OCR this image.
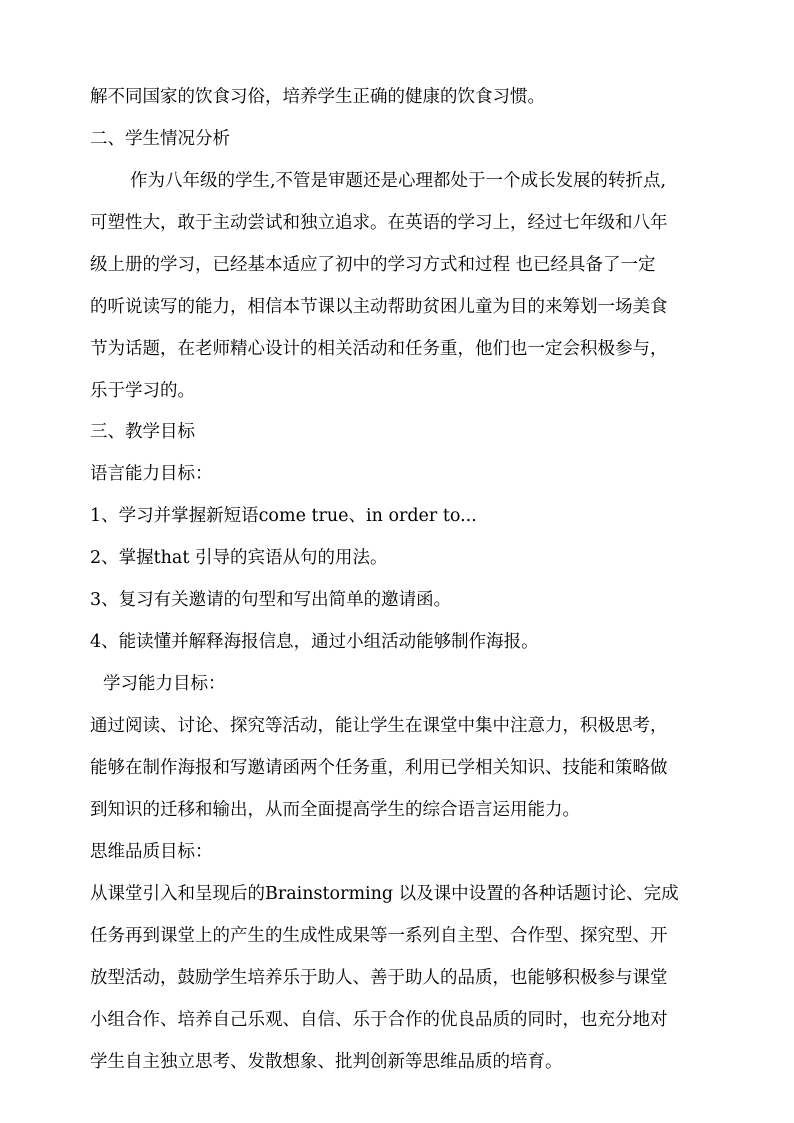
解不同国家的饮食习俗，培养学生正确的健康的饮食习惯。
二、学生情况分析
作为八年级的学生,不管是审题还是心理都处于一个成长发展的转折点,
可塑性大，敢于主动尝试和独立追求。在英语的学习上，经过七年级和八年
级上册的学习，已经基本适应了初中的学习方式和过程 也已经具备了一定
的听说读写的能力，相信本节课以主动帮助贫困儿童为目的来筹划一场美食
节为话题，在老师精心设计的相关活动和任务重，他们也一定会积极参与，
乐于学习的。
三、教学目标
语言能力目标：
1、学习并掌握新短语come true、in order to...
2、掌握that 引导的宾语从句的用法。
3、复习有关邀请的句型和写出简单的邀请函。
4、能读懂并解释海报信息，通过小组活动能够制作海报。
学习能力目标：
通过阅读、讨论、探究等活动，能让学生在课堂中集中注意力，积极思考，
能够在制作海报和写邀请函两个任务重，利用已学相关知识、技能和策略做
到知识的迁移和输出，从而全面提高学生的综合语言运用能力。
思维品质目标：
从课堂引入和呈现后的Brainstorming 以及课中设置的各种话题讨论、完成
任务再到课堂上的产生的生成性成果等一系列自主型、合作型、探究型、开
放型活动，鼓励学生培养乐于助人、善于助人的品质，也能够积极参与课堂
小组合作、培养自己乐观、自信、乐于合作的优良品质的同时，也充分地对
学生自主独立思考、发散想象、批判创新等思维品质的培育。
